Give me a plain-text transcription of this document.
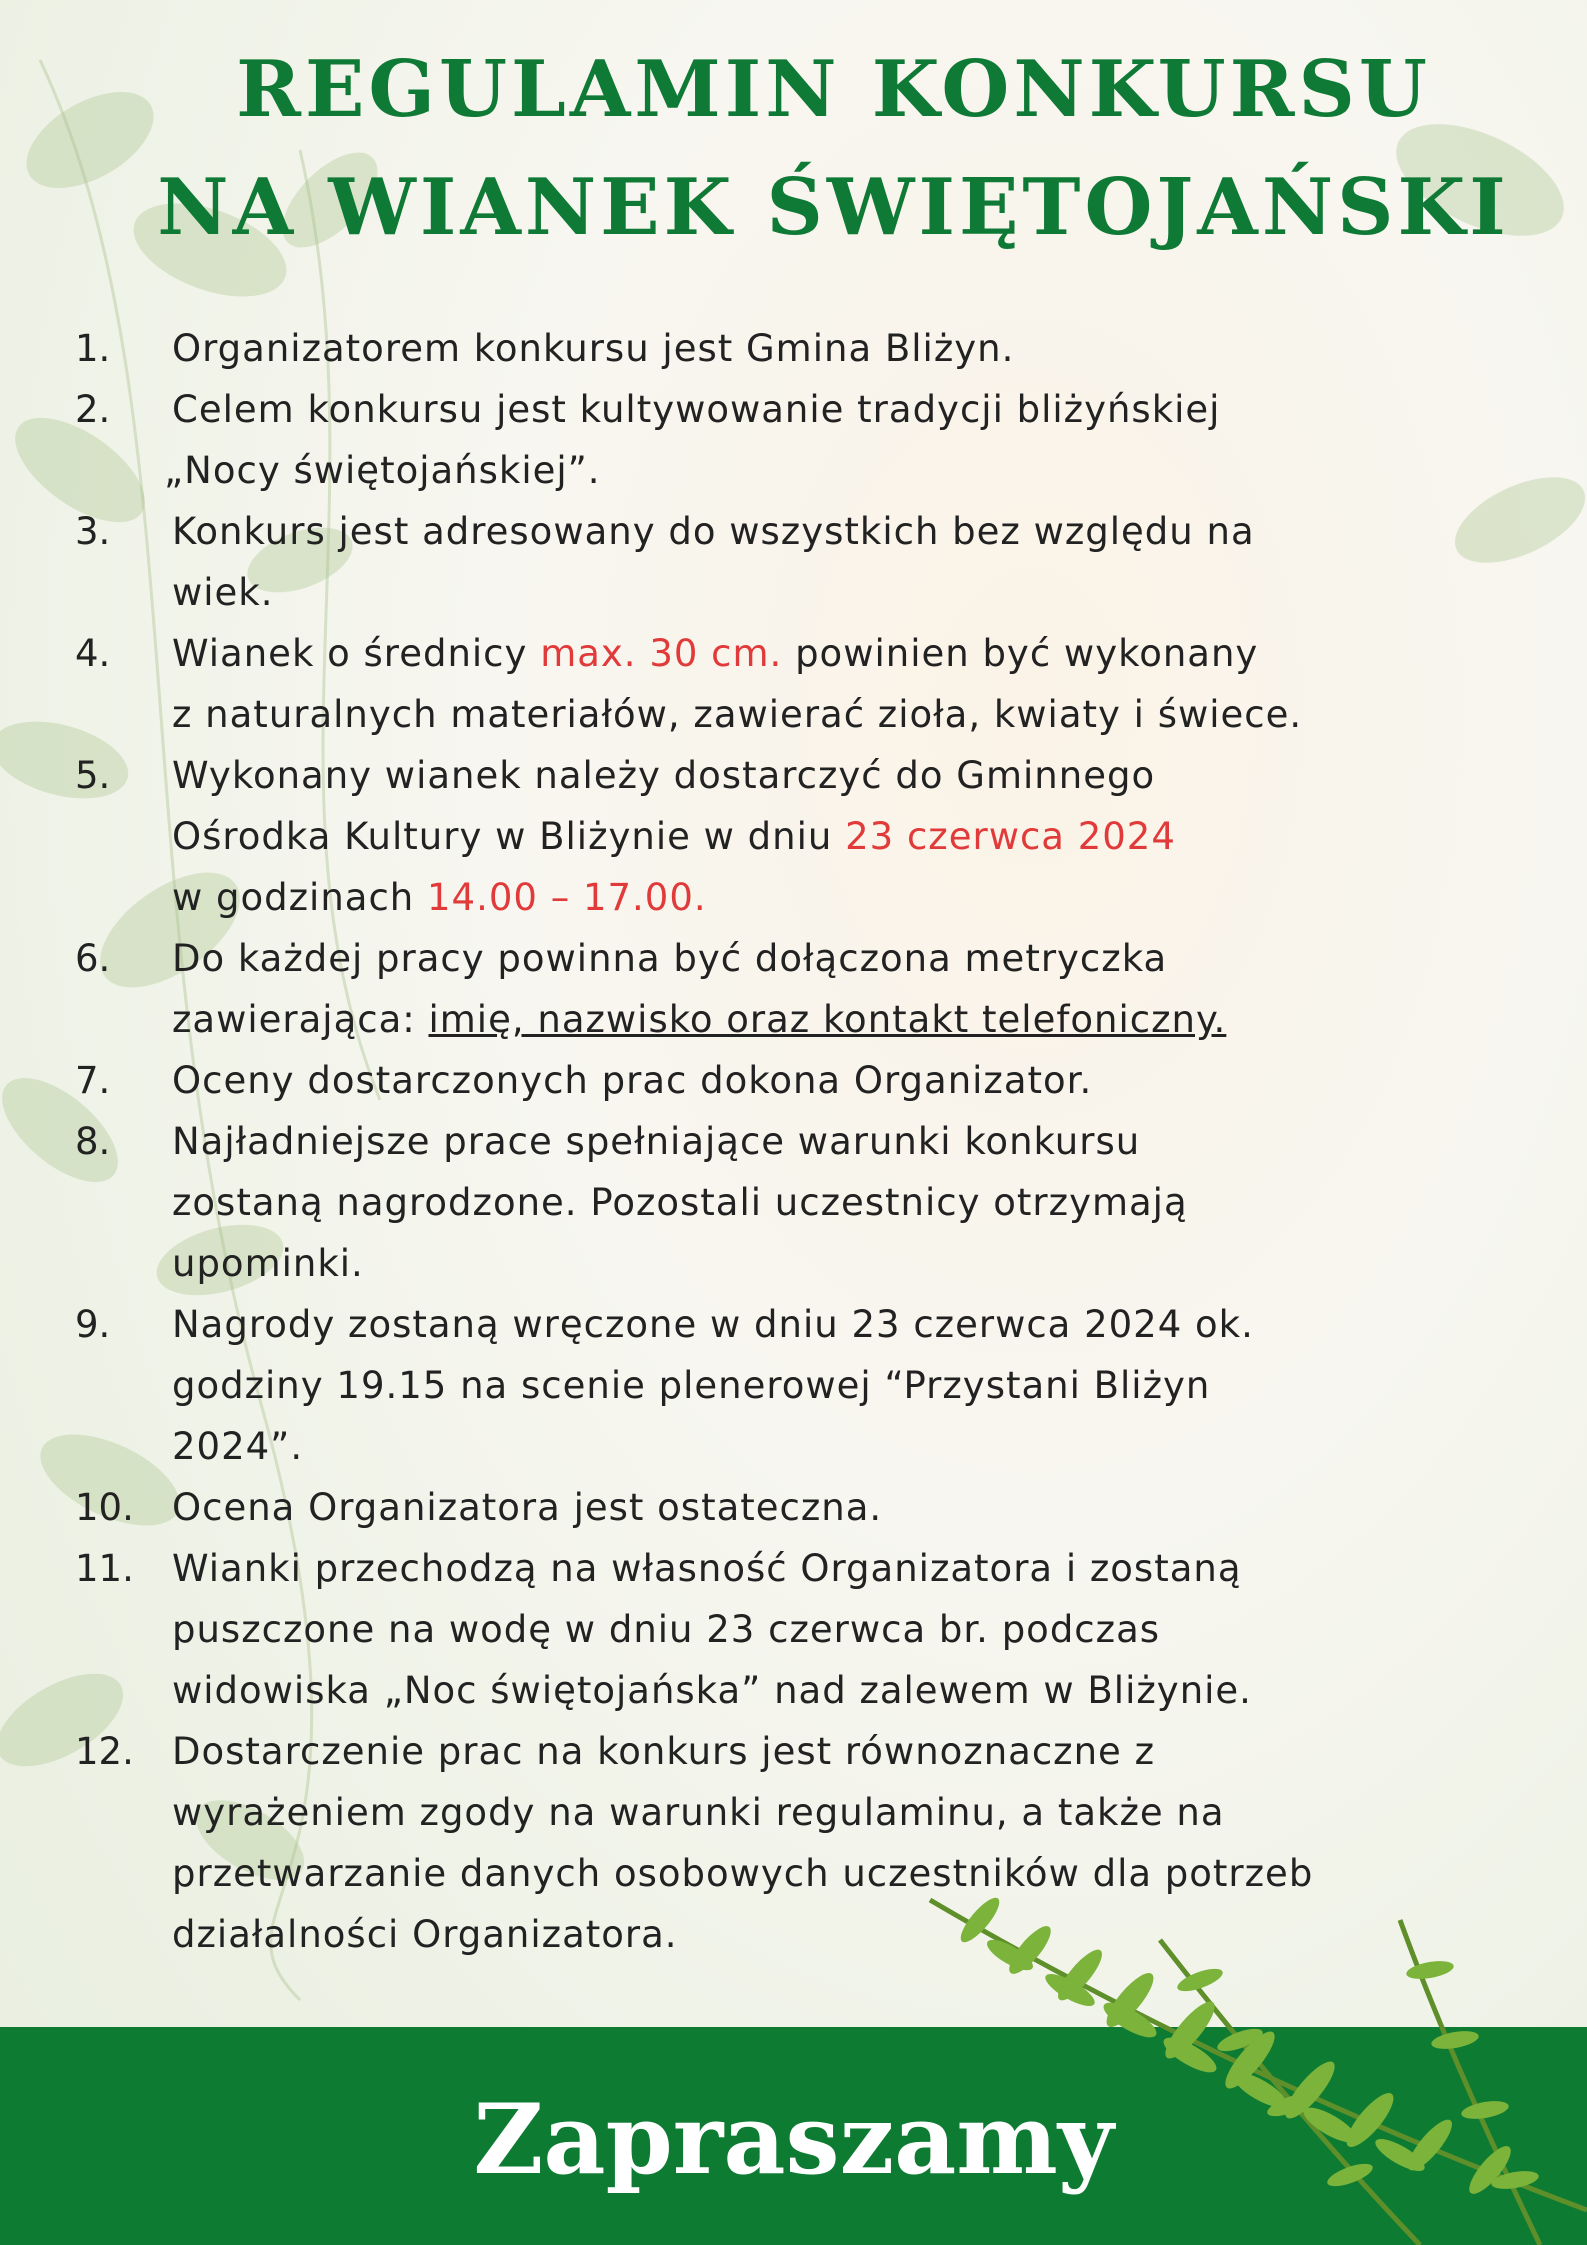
REGULAMIN KONKURSU
NA WIANEK ŚWIĘTOJAŃSKI
1. Organizatorem konkursu jest Gmina Bliżyn.
2. Celem konkursu jest kultywowanie tradycji bliżyńskiej
„Nocy świętojańskiej”.
3. Konkurs jest adresowany do wszystkich bez względu na
wiek.
4. Wianek o średnicy max. 30 cm. powinien być wykonany
z naturalnych materiałów, zawierać zioła, kwiaty i świece.
5. Wykonany wianek należy dostarczyć do Gminnego
Ośrodka Kultury w Bliżynie w dniu 23 czerwca 2024
w godzinach 14.00 – 17.00.
6. Do każdej pracy powinna być dołączona metryczka
zawierająca: imię, nazwisko oraz kontakt telefoniczny.
7. Oceny dostarczonych prac dokona Organizator.
8. Najładniejsze prace spełniające warunki konkursu
zostaną nagrodzone. Pozostali uczestnicy otrzymają
upominki.
9. Nagrody zostaną wręczone w dniu 23 czerwca 2024 ok.
godziny 19.15 na scenie plenerowej “Przystani Bliżyn
2024”.
10. Ocena Organizatora jest ostateczna.
11. Wianki przechodzą na własność Organizatora i zostaną
puszczone na wodę w dniu 23 czerwca br. podczas
widowiska „Noc świętojańska” nad zalewem w Bliżynie.
12. Dostarczenie prac na konkurs jest równoznaczne z
wyrażeniem zgody na warunki regulaminu, a także na
przetwarzanie danych osobowych uczestników dla potrzeb
działalności Organizatora.
Zapraszamy
